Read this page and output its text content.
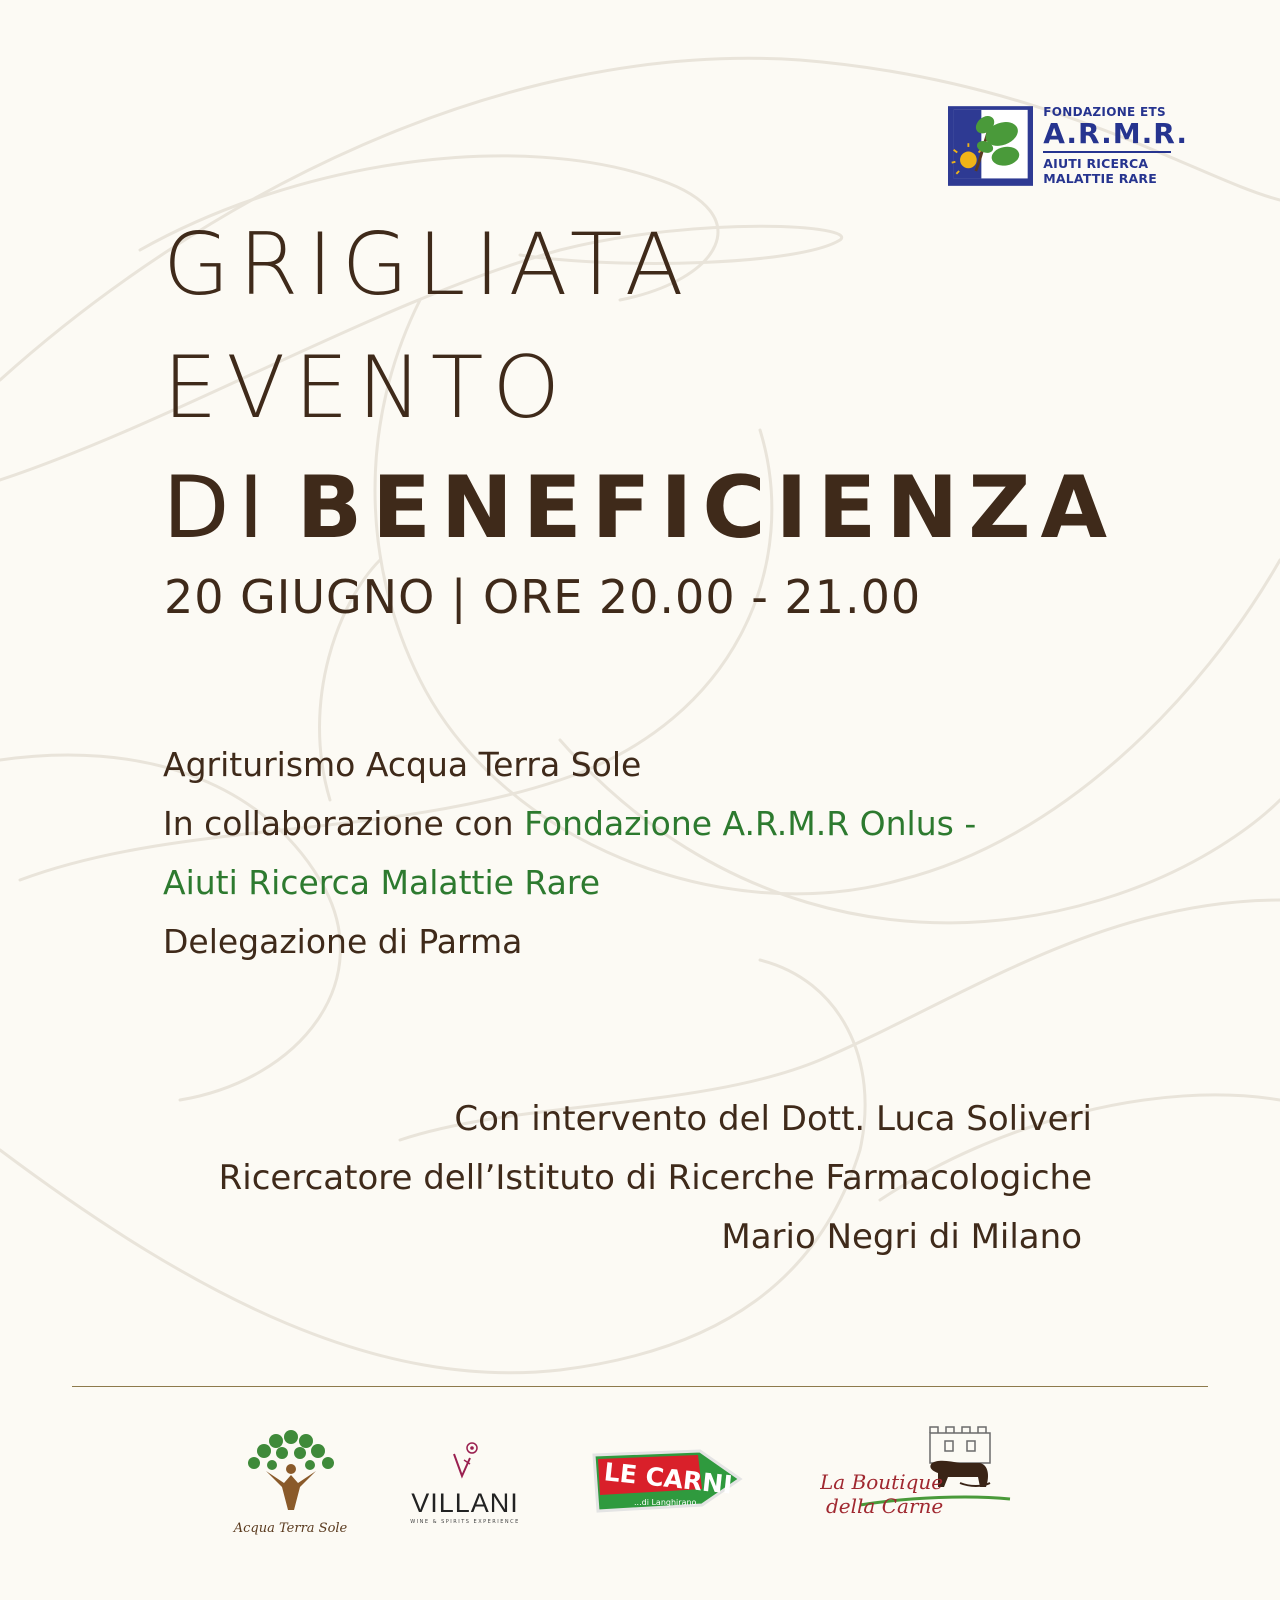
FONDAZIONE ETS
A.R.M.R.
AIUTI RICERCA
MALATTIE RARE
GRIGLIATA
EVENTO
DI BENEFICIENZA
20 GIUGNO | ORE 20.00 - 21.00
Agriturismo Acqua Terra Sole
In collaborazione con Fondazione A.R.M.R Onlus -
Aiuti Ricerca Malattie Rare
Delegazione di Parma
Con intervento del Dott. Luca Soliveri
Ricercatore dell’Istituto di Ricerche Farmacologiche
Mario Negri di Milano
Acqua Terra Sole
VILLANI
WINE & SPIRITS EXPERIENCE
LE CARNI
...di Langhirano
La Boutique
della Carne
